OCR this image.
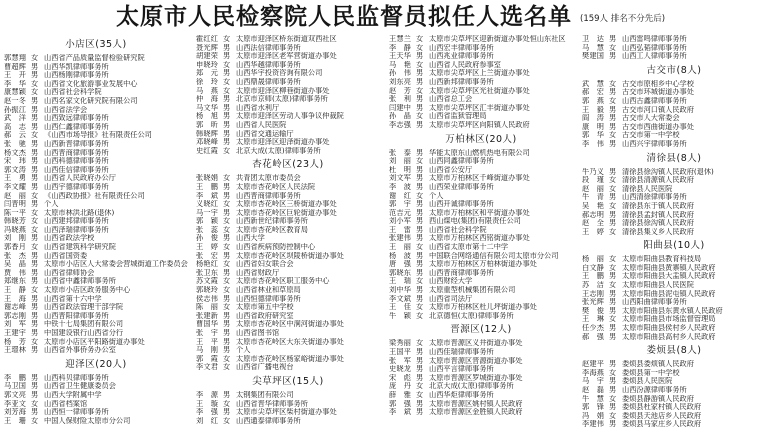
太原市人民检察院人民监督员拟任人选名单 (159人 排名不分先后)
小店区(35人)
郭慧翔 女 山西省产品质量监督检验研究院
曹超辉 男 山西华凯律师事务所
王开 男 山西杨刚律师事务所
李华 女 山西省文化旅游事业发展中心
康慧颖 女 山西省社会科学院
赵一冬 男 山西名家文化研究院有限公司
孙振江 男 山西省法学会
武洋 男 山西致远律师事务所
高志 男 山西仁鑫律师事务所
郝云 女 《山西市场导报》社有限责任公司
张驰 男 山西新晋律师事务所
杨文杰 男 山西晋商律师事务所
宋玮 男 山西科德律师事务所
郭文涛 男 山西佳信律师事务所
王勇 男 山西省人民政府办公厅
李文耀 男 山西宇德律师事务所
赵丽 女 《山西政协报》社有限责任公司
闫晋明 男 个人
陈一平 女 太原市林洪北路(退休)
韩晓芳 女 山西建邦律师事务所
冯晓燕 女 山西泽瑞律师事务所
刘刚 男 山西省政法学校
郭香月 女 山西省建筑科学研究院
张杰 男 山西省国资委
吴晶 男 太原市小店区人大常委会营城街道工作委员会
贾伟 男 山西省律师协会
郑继东 男 山西省中鑫律师事务所
王静 女 太原市小店区政务服务中心
王海 男 山西省第十六中学
谢志峰 男 山西省政法管理干部学院
郭志刚 男 山西晋阳律师事务所
刘军 男 中铁十七局集团有限公司
王建宇 男 中国建设银行山西省分行
杨芳 女 太原市小店区平阳路街道办事处
王璟林 男 山西省外事侨务办公室
迎泽区(20人)
李鹏 男 山西科贝律师事务所
马卫国 男 山西省卫生健康委员会
郭文亮 男 山西大学附属中学
李亚文 女 山西省档案馆
刘芳海 男 山西恒一律师事务所
王珊 女 中国人保财险太原市分公司
霍红红 女 太原市迎泽区桥东街道双西社区
聂光辉 男 山西法信律师事务所
胡建荣 男 太原市迎泽区老军营街道办事处
申晓玲 女 山西华越律师事务所
郑元 男 山西华宇投资咨询有限公司
徐玲 女 山西鼎晟律师事务所
马燕 女 太原市迎泽区柳巷街道办事处
仲海 男 北京市京师(太原)律师事务所
马文华 男 山西省水利厅
杨旭 男 太原市迎泽区劳动人事争议仲裁院
郭昕 男 山西省人民医院
韩晓辉 男 山西省交通运输厅
邓晓峰 男 太原市迎泽区迎泽街道办事处
史红霞 女 北京大成(太原)律师事务所
杏花岭区(23人)
张晓娟 女 共青团太原市委员会
王鹏 男 太原市杏花岭区人民法院
李斌 男 山西晋商律师事务所
义晓红 女 太原市杏花岭区三桥街道办事处
马一宇 男 太原市杏花岭区巨轮街道办事处
郭颖 女 山西新世纪律师事务所
张蕊 女 太原市杏花岭区教育局
孙俊 男 山西大学
王婷 女 山西省疾病预防控制中心
张宏 男 太原市杏花岭区坝陵桥街道办事处
杨艳红 女 山西省妇女联合会
张卫东 男 山西省财政厅
苏文霞 女 太原市杏花岭区职工服务中心
郭晓玲 女 山西省林业和草原局
侯志伟 男 山西恒德律师事务所
陈丽 女 太原市第五中学校
张建新 男 山西省政府研究室
曹国华 男 太原市杏花岭区中涧河街道办事处
张宇 男 山西省图书馆
王平 男 太原市杏花岭区大东关街道办事处
马刚 男 个人
郭霞 女 太原市杏花岭区杨家峪街道办事处
李文君 女 山西省广播电视台
尖草坪区(15人)
李源 男 太钢集团有限公司
王璇 女 山西省晋华律师事务所
李强 男 太原市尖草坪区柴村街道办事处
刘红 女 山西通泰律师事务所
王慧兰 女 太原市尖草坪区迎新街道办事处恒山东社区
李静 女 山西宏丰律师事务所
王天华 男 山西兆业律师事务所
马艳 女 山西省人民政府参事室
孙伟 男 太原市尖草坪区上兰街道办事处
刘东亮 男 山西新邦律师事务所
赵芳 女 太原市尖草坪区光社街道办事处
张利 男 山西省总工会
闫建中 男 太原市尖草坪区汇丰街道办事处
孙晶 女 山西省监狱管理局
李志强 男 太原市尖草坪区向阳镇人民政府
万柏林区(20人)
张泰 男 华能太原东山燃机热电有限公司
刘丽 女 山西同鑫律师事务所
杜明 男 山西省公安厅
刘文军 男 太原市万柏林区千峰街道办事处
李波 男 山西荣业律师事务所
谢红 女 个人
郭宇 男 山西开诚律师事务所
范吉元 男 太原市万柏林区和平街道办事处
刘小军 男 西山煤电(集团)有限责任公司
王雷 男 山西省社会科学院
张建伟 男 太原市万柏林区西铭街道办事处
王丽 女 山西省太原市第十二中学
杨波 男 中国联合网络通信有限公司太原市分公司
唐强 男 太原市万柏林区万柏林街道办事处
郭晓东 男 山西晋商律师事务所
王瑞 女 山西财经大学
刘中华 男 太原重型机械集团有限公司
李文斌 男 山西省司法厅
王佳 女 太原市万柏林区杜儿坪街道办事处
牛颖 女 北京德恒(太原)律师事务所
晋源区(12人)
梁秀丽 女 太原市晋源区义井街道办事处
王国平 男 山西佳瑞律师事务所
张军 男 太原市晋源区晋源街道办事处
史晓龙 男 山西平言律师事务所
宋彪 男 太原市晋源区罗城街道办事处
庞丹 女 北京大成(太原)律师事务所
薛雅 女 山西华炬律师事务所
郭强 男 太原市晋源区姚村镇人民政府
李斌 男 太原市晋源区金胜镇人民政府
卫达 男 山西雷鸣律师事务所
马慧 女 山西弘韬律师事务所
樊建国 男 山西工人律师事务所
古交市(8人)
武慧 女 古交市原相乡中心学校
郝宏 男 古交市环城街道办事处
郭燕 女 山西古鑫律师事务所
王毅 男 古交市河口镇人民政府
阎涛 男 古交市人大常委会
康明 男 古交市西曲街道办事处
郭华 女 古交市第一中学校
李伟 男 山西兴宇律师事务所
清徐县(8人)
牛乃义 男 清徐县徐沟镇人民政府(退休)
段瑾 女 清徐县清源镇人民政府
赵丽 女 清徐县人民医院
牛青 男 山西清徐律师事务所
吴艳 女 清徐县东于镇人民政府
郝志明 男 清徐县孟封镇人民政府
赵全 男 清徐县徐沟镇人民政府
王婷 女 清徐县集义乡人民政府
阳曲县(10人)
杨丽 女 太原市阳曲县教育科技局
白文静 女 太原市阳曲县黄寨镇人民政府
王鹏 男 太原市阳曲县大盂镇人民政府
苏洁 女 太原市阳曲县人民医院
王志刚 男 太原市阳曲县泥屯镇人民政府
张光辉 男 山西阳曲律师事务所
樊俊 男 太原市阳曲县东黄水镇人民政府
王琳 女 太原市阳曲县市场监督管理局
任少杰 男 太原市阳曲县侯村乡人民政府
郝强 男 太原市阳曲县高村乡人民政府
娄烦县(8人)
赵建平 男 娄烦县娄烦镇人民政府
李海燕 女 娄烦县第一中学校
马宇 男 娄烦县人民医院
赵磊 男 山西汾源律师事务所
牛慧 女 娄烦县静游镇人民政府
郭锋 男 娄烦县杜家村镇人民政府
冯娟 女 娄烦县天池店乡人民政府
李建伟 男 娄烦县马家庄乡人民政府
